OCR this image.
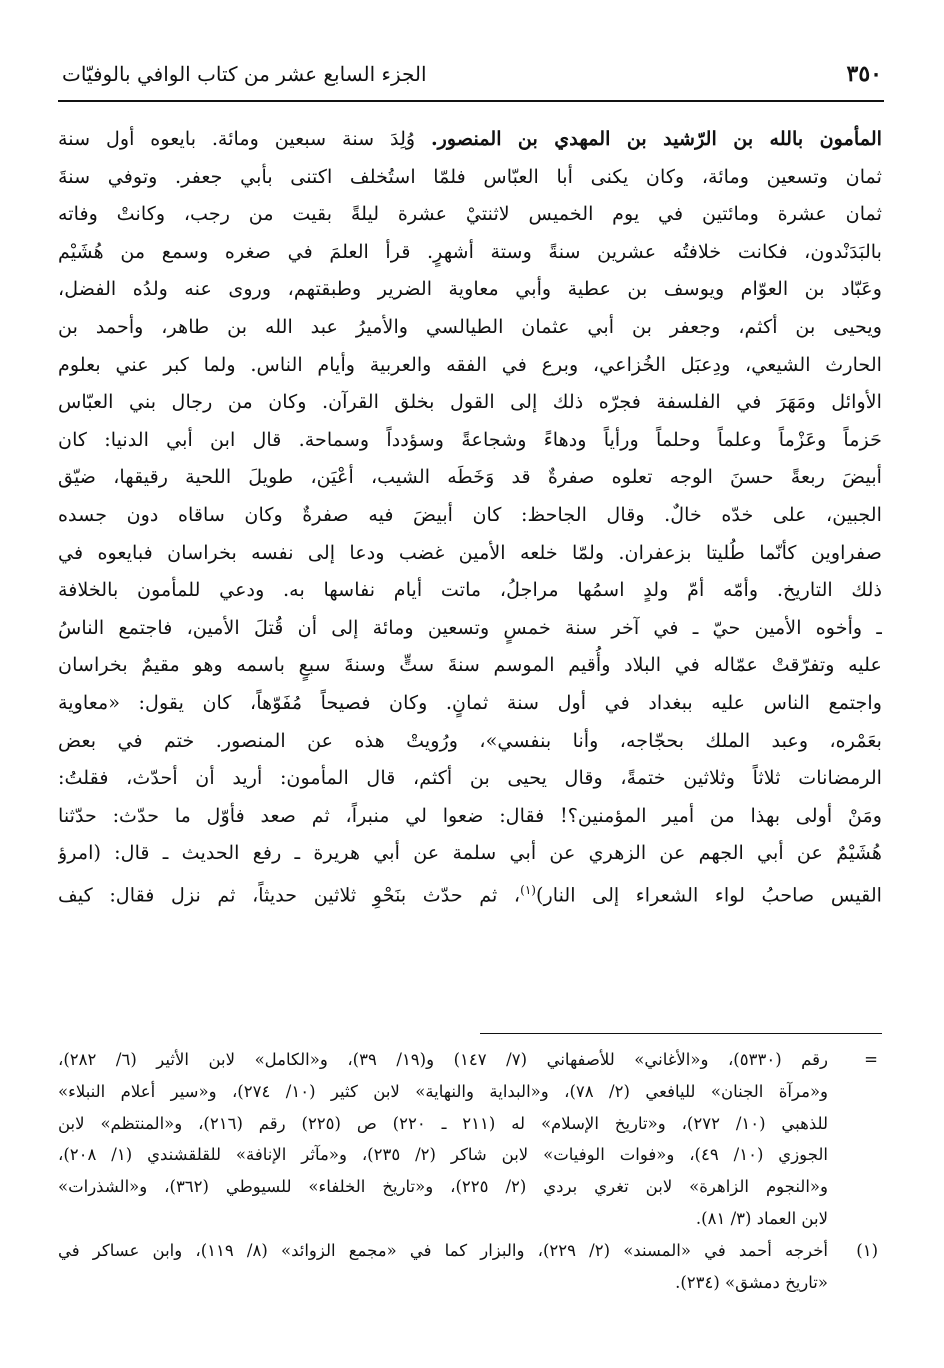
٣٥٠
الجزء السابع عشر من كتاب الوافي بالوفيّات
المأمون بالله بن الرّشيد بن المهدي بن المنصور. وُلِدَ سنة سبعين ومائة. بايعوه أول سنة
ثمان وتسعين ومائة، وكان يكنى أبا العبّاس فلمّا استُخلف اكتنى بأبي جعفر. وتوفي سنةَ
ثمان عشرة ومائتين في يوم الخميس لاثنتيْ عشرة ليلةً بقيت من رجب، وكانتْ وفاته
بالبَدَنْدون، فكانت خلافتُه عشرين سنةً وستة أشهرٍ. قرأ العلمَ في صغره وسمع من هُشَيْم
وعَبّاد بن العوّام ويوسف بن عطية وأبي معاوية الضرير وطبقتهم، وروى عنه ولدُه الفضل،
ويحيى بن أكثم، وجعفر بن أبي عثمان الطيالسي والأميرُ عبد الله بن طاهر، وأحمد بن
الحارث الشيعي، ودِعبَل الخُزاعي، وبرع في الفقه والعربية وأيام الناس. ولما كبر عني بعلوم
الأوائل ومَهَرَ في الفلسفة فجرّه ذلك إلى القول بخلق القرآن. وكان من رجال بني العبّاس
حَزماً وعَزْماً وعلماً وحلماً ورأياً ودهاءً وشجاعةً وسؤدداً وسماحة. قال ابن أبي الدنيا: كان
أبيضَ ربعةً حسنَ الوجه تعلوه صفرةٌ قد وَخَطَه الشيب، أعْيَن، طويلَ اللحية رقيقها، ضيّق
الجبين، على خدّه خالٌ. وقال الجاحظ: كان أبيضَ فيه صفرةٌ وكان ساقاه دون جسده
صفراوين كأنّما طُليتا بزعفران. ولمّا خلعه الأمين غضب ودعا إلى نفسه بخراسان فبايعوه في
ذلك التاريخ. وأمّه أمّ ولدٍ اسمُها مراجلُ، ماتت أيام نفاسها به. ودعي للمأمون بالخلافة
ـ وأخوه الأمين حيّ ـ في آخر سنة خمسٍ وتسعين ومائة إلى أن قُتلَ الأمين، فاجتمع الناسُ
عليه وتفرّقتْ عمّاله في البلاد وأُقيم الموسم سنةَ ستٍّ وسنةَ سبعٍ باسمه وهو مقيمٌ بخراسان
واجتمع الناس عليه ببغداد في أول سنة ثمانٍ. وكان فصيحاً مُفَوّهاً، كان يقول: «معاوية
بعَمْره، وعبد الملك بحجّاجه، وأنا بنفسي»، ورُويتْ هذه عن المنصور. ختم في بعض
الرمضانات ثلاثاً وثلاثين ختمةً، وقال يحيى بن أكثم، قال المأمون: أريد أن أحدّث، فقلتُ:
ومَنْ أولى بهذا من أمير المؤمنين؟! فقال: ضعوا لي منبراً، ثم صعد فأوّل ما حدّث: حدّثنا
هُشَيْمٌ عن أبي الجهم عن الزهري عن أبي سلمة عن أبي هريرة ـ رفع الحديث ـ قال: (امرؤ
القيس صاحبُ لواء الشعراء إلى النار)$^{(١)}$، ثم حدّث بنَحْوِ ثلاثين حديثاً، ثم نزل فقال: كيف
=
رقم (٥٣٣٠)، و«الأغاني» للأصفهاني (٧/ ١٤٧) و(١٩/ ٣٩)، و«الكامل» لابن الأثير (٦/ ٢٨٢)،
و«مرآة الجنان» لليافعي (٢/ ٧٨)، و«البداية والنهاية» لابن كثير (١٠/ ٢٧٤)، و«سير أعلام النبلاء»
للذهبي (١٠/ ٢٧٢)، و«تاريخ الإسلام» له (٢١١ ـ ٢٢٠) ص (٢٢٥) رقم (٢١٦)، و«المنتظم» لابن
الجوزي (١٠/ ٤٩)، و«فوات الوفيات» لابن شاكر (٢/ ٢٣٥)، و«مآثر الإنافة» للقلقشندي (١/ ٢٠٨)،
و«النجوم الزاهرة» لابن تغري بردي (٢/ ٢٢٥)، و«تاريخ الخلفاء» للسيوطي (٣٦٢)، و«الشذرات»
لابن العماد (٣/ ٨١).
(١)
أخرجه أحمد في «المسند» (٢/ ٢٢٩)، والبزار كما في «مجمع الزوائد» (٨/ ١١٩)، وابن عساكر في
«تاريخ دمشق» (٢٣٤).
